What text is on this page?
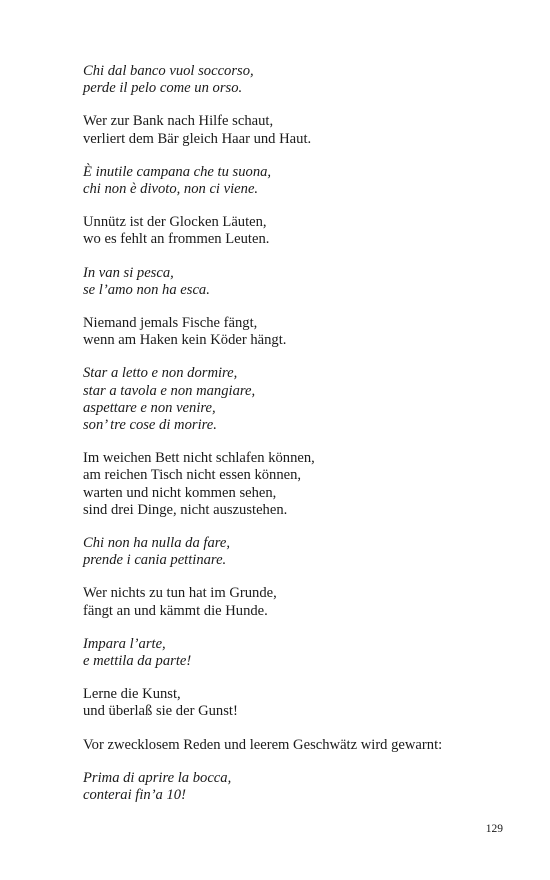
Chi dal banco vuol soccorso,
perde il pelo come un orso.
Wer zur Bank nach Hilfe schaut,
verliert dem Bär gleich Haar und Haut.
È inutile campana che tu suona,
chi non è divoto, non ci viene.
Unnütz ist der Glocken Läuten,
wo es fehlt an frommen Leuten.
In van si pesca,
se l’amo non ha esca.
Niemand jemals Fische fängt,
wenn am Haken kein Köder hängt.
Star a letto e non dormire,
star a tavola e non mangiare,
aspettare e non venire,
son’ tre cose di morire.
Im weichen Bett nicht schlafen können,
am reichen Tisch nicht essen können,
warten und nicht kommen sehen,
sind drei Dinge, nicht auszustehen.
Chi non ha nulla da fare,
prende i cania pettinare.
Wer nichts zu tun hat im Grunde,
fängt an und kämmt die Hunde.
Impara l’arte,
e mettila da parte!
Lerne die Kunst,
und überlaß sie der Gunst!
Vor zwecklosem Reden und leerem Geschwätz wird gewarnt:
Prima di aprire la bocca,
conterai fin’a 10!
129
